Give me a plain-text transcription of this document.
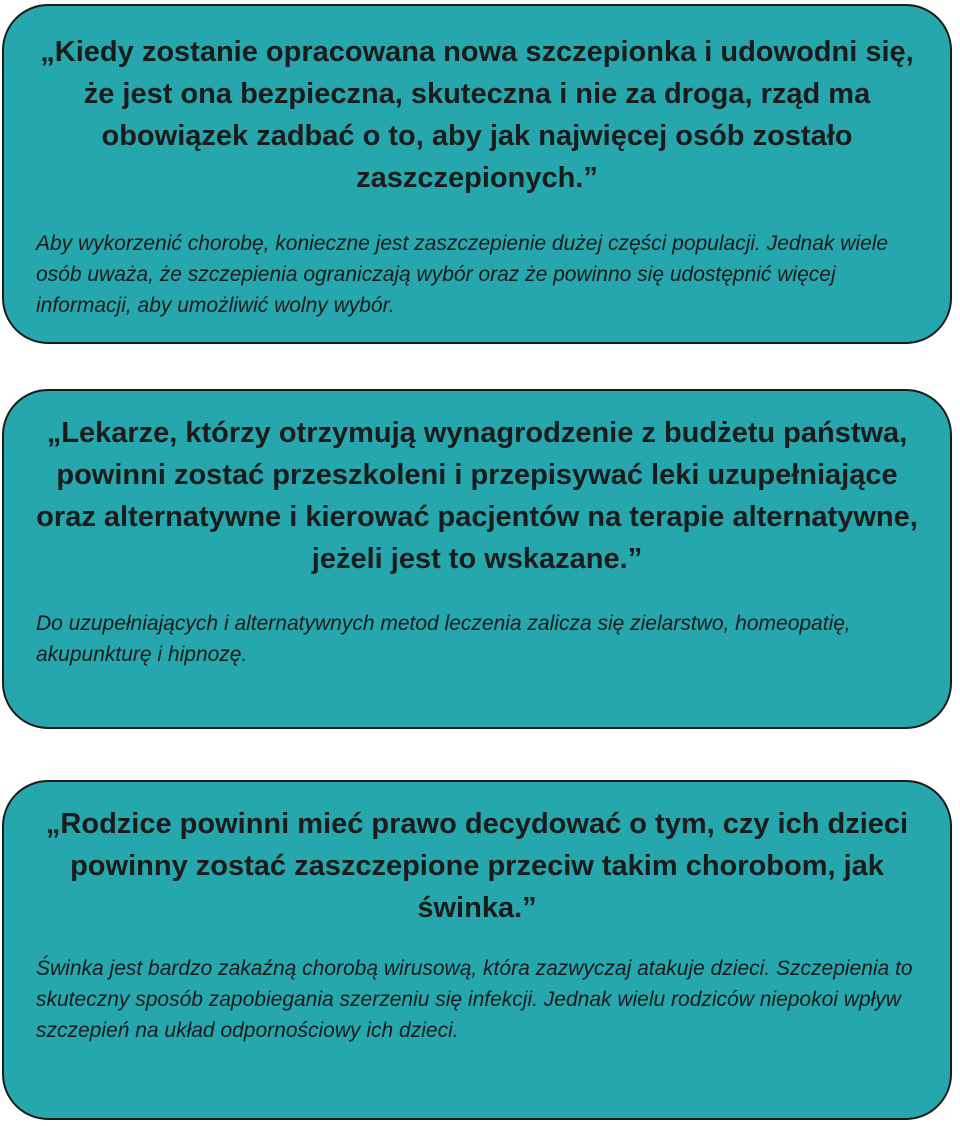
„Kiedy zostanie opracowana nowa szczepionka i udowodni się, że jest ona bezpieczna, skuteczna i nie za droga, rząd ma obowiązek zadbać o to, aby jak najwięcej osób zostało zaszczepionych.”

Aby wykorzenić chorobę, konieczne jest zaszczepienie dużej części populacji. Jednak wiele osób uważa, że szczepienia ograniczają wybór oraz że powinno się udostępnić więcej informacji, aby umożliwić wolny wybór.

„Lekarze, którzy otrzymują wynagrodzenie z budżetu państwa, powinni zostać przeszkoleni i przepisywać leki uzupełniające oraz alternatywne i kierować pacjentów na terapie alternatywne, jeżeli jest to wskazane.”

Do uzupełniających i alternatywnych metod leczenia zalicza się zielarstwo, homeopatię, akupunkturę i hipnozę.

„Rodzice powinni mieć prawo decydować o tym, czy ich dzieci powinny zostać zaszczepione przeciw takim chorobom, jak świnka.”

Świnka jest bardzo zakaźną chorobą wirusową, która zazwyczaj atakuje dzieci. Szczepienia to skuteczny sposób zapobiegania szerzeniu się infekcji. Jednak wielu rodziców niepokoi wpływ szczepień na układ odpornościowy ich dzieci.
